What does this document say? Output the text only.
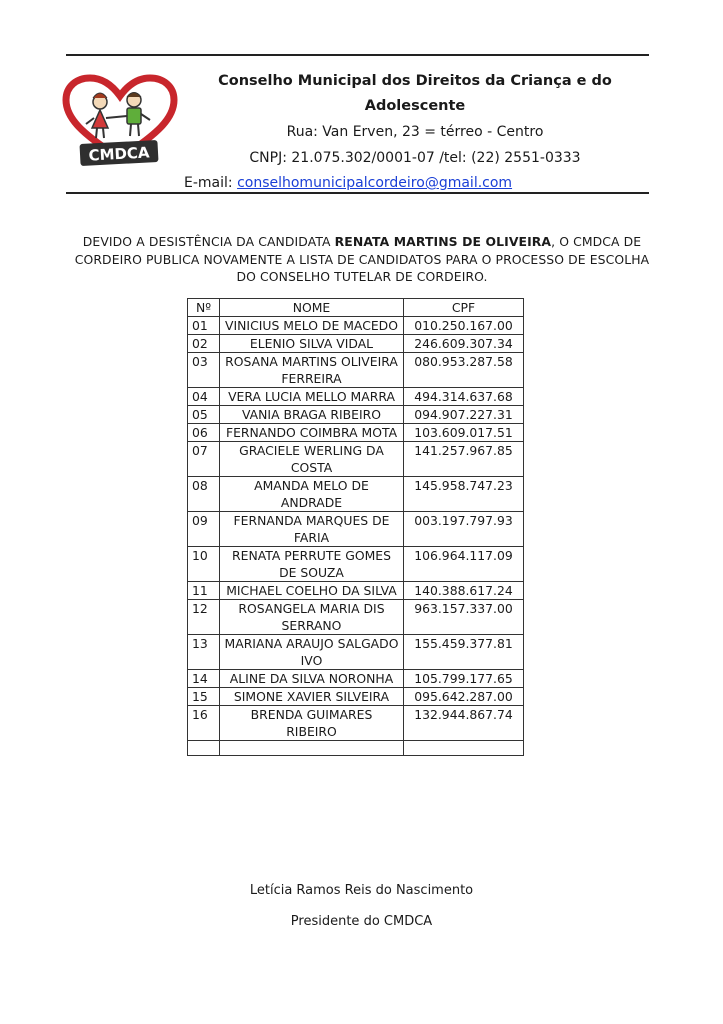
CMDCA
Conselho Municipal dos Direitos da Criança e do
Adolescente
Rua: Van Erven, 23 = térreo - Centro
CNPJ: 21.075.302/0001-07 /tel: (22) 2551-0333
E-mail: conselhomunicipalcordeiro@gmail.com
DEVIDO A DESISTÊNCIA DA CANDIDATA RENATA MARTINS DE OLIVEIRA, O CMDCA DE CORDEIRO PUBLICA NOVAMENTE A LISTA DE CANDIDATOS PARA O PROCESSO DE ESCOLHA DO CONSELHO TUTELAR DE CORDEIRO.
Nº	NOME	CPF
01	VINICIUS MELO DE MACEDO	010.250.167.00
02	ELENIO SILVA VIDAL	246.609.307.34
03	ROSANA MARTINS OLIVEIRA FERREIRA	080.953.287.58
04	VERA LUCIA MELLO MARRA	494.314.637.68
05	VANIA BRAGA RIBEIRO	094.907.227.31
06	FERNANDO COIMBRA MOTA	103.609.017.51
07	GRACIELE WERLING DA COSTA	141.257.967.85
08	AMANDA MELO DE ANDRADE	145.958.747.23
09	FERNANDA MARQUES DE FARIA	003.197.797.93
10	RENATA PERRUTE GOMES DE SOUZA	106.964.117.09
11	MICHAEL COELHO DA SILVA	140.388.617.24
12	ROSANGELA MARIA DIS SERRANO	963.157.337.00
13	MARIANA ARAUJO SALGADO IVO	155.459.377.81
14	ALINE DA SILVA NORONHA	105.799.177.65
15	SIMONE XAVIER SILVEIRA	095.642.287.00
16	BRENDA GUIMARES RIBEIRO	132.944.867.74

Letícia Ramos Reis do Nascimento
Presidente do CMDCA
